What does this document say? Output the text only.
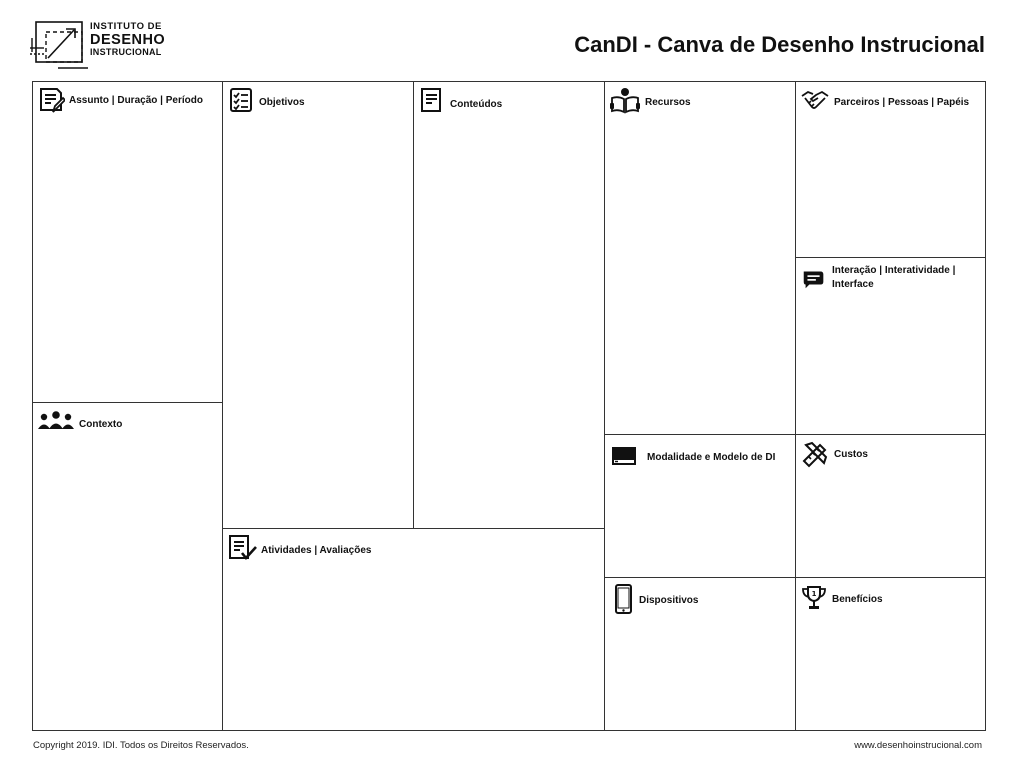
INSTITUTO DE
DESENHO
INSTRUCIONAL	CanDI - Canva de Desenho Instrucional
Assunto | Duração | Período
Contexto
Objetivos	Conteúdos
Atividades | Avaliações
Recursos
Modalidade e Modelo de DI
Dispositivos
Parceiros | Pessoas | Papéis
Interação | Interatividade | Interface
Custos
1 Benefícios
Copyright 2019. IDI. Todos os Direitos Reservados.	www.desenhoinstrucional.com
